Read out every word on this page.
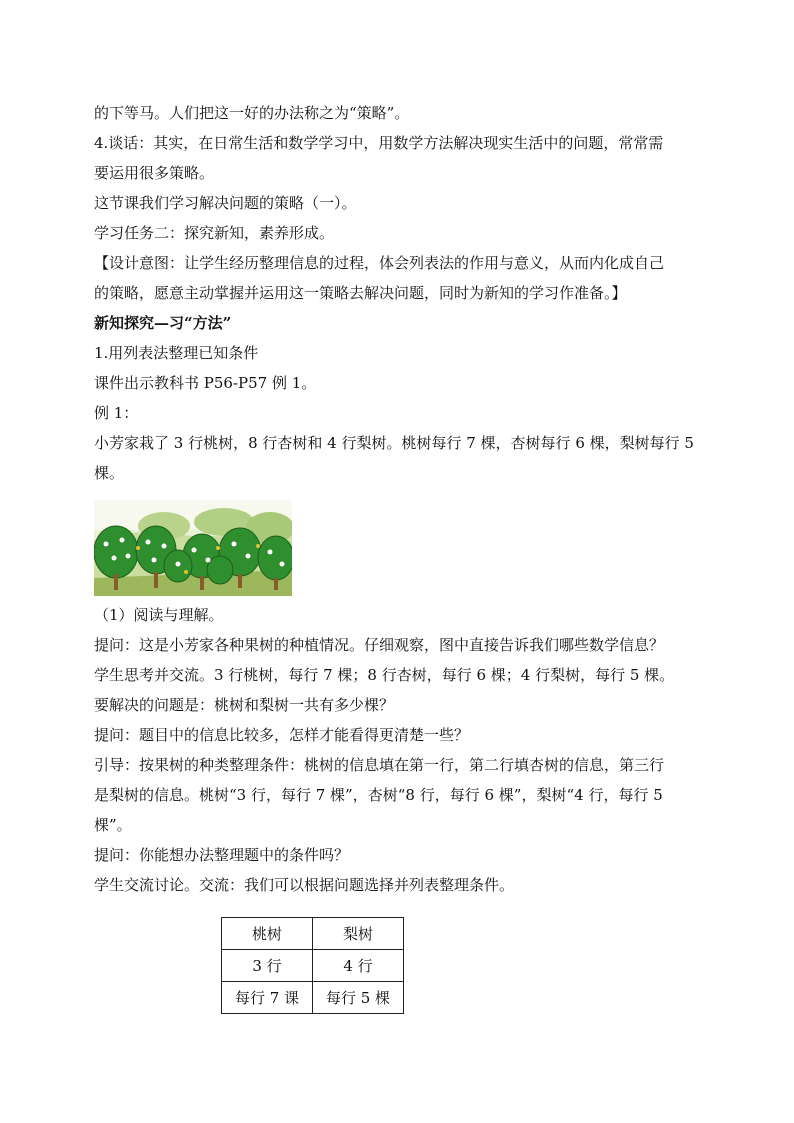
的下等马。人们把这一好的办法称之为“策略”。

4.谈话：其实，在日常生活和数学学习中，用数学方法解决现实生活中的问题，常常需

要运用很多策略。

这节课我们学习解决问题的策略（一）。

学习任务二：探究新知，素养形成。

【设计意图：让学生经历整理信息的过程，体会列表法的作用与意义，从而内化成自己

的策略，愿意主动掌握并运用这一策略去解决问题，同时为新知的学习作准备。】

新知探究—习“方法”

1.用列表法整理已知条件

课件出示教科书 P56-P57 例 1。

例 1：

小芳家栽了 3 行桃树，8 行杏树和 4 行梨树。桃树每行 7 棵，杏树每行 6 棵，梨树每行 5

棵。

（1）阅读与理解。

提问：这是小芳家各种果树的种植情况。仔细观察，图中直接告诉我们哪些数学信息？

学生思考并交流。3 行桃树，每行 7 棵；8 行杏树，每行 6 棵；4 行梨树，每行 5 棵。

要解决的问题是：桃树和梨树一共有多少棵？

提问：题目中的信息比较多，怎样才能看得更清楚一些？

引导：按果树的种类整理条件：桃树的信息填在第一行，第二行填杏树的信息，第三行

是梨树的信息。桃树“3 行，每行 7 棵”，杏树“8 行，每行 6 棵”，梨树“4 行，每行 5

棵”。

提问：你能想办法整理题中的条件吗？

学生交流讨论。交流：我们可以根据问题选择并列表整理条件。

桃树	梨树
3 行	4 行
每行 7 课	每行 5 棵
